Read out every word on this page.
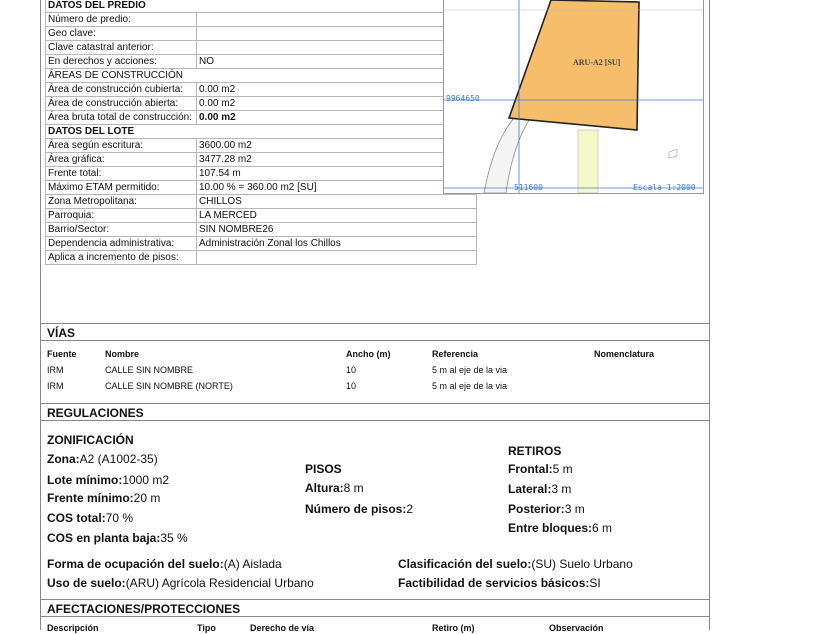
DATOS DEL PREDIO	
Número de predio:	
Geo clave:	
Clave catastral anterior:	
En derechos y acciones:	NO
ÁREAS DE CONSTRUCCIÓN	
Área de construcción cubierta:	0.00 m2
Área de construcción abierta:	0.00 m2
Área bruta total de construcción:	0.00 m2
DATOS DEL LOTE	
Área según escritura:	3600.00 m2
Área gráfica:	3477.28 m2
Frente total:	107.54 m
Máximo ETAM permitido:	10.00 % = 360.00 m2 [SU]
Zona Metropolitana:	CHILLOS
Parroquia:	LA MERCED
Barrio/Sector:	SIN NOMBRE26
Dependencia administrativa:	Administración Zonal los Chillos
Aplica a incremento de pisos:	
ARU-A2 [SU]
9964650
511600	Escala 1:2000
VÍAS
Fuente	Nombre	Ancho (m)	Referencia	Nomenclatura
IRM	CALLE SIN NOMBRE	10	5 m al eje de la via
IRM	CALLE SIN NOMBRE (NORTE)	10	5 m al eje de la via
REGULACIONES
ZONIFICACIÓN
Zona:A2 (A1002-35)
Lote mínimo:1000 m2
Frente mínimo:20 m
COS total:70 %
COS en planta baja:35 %
PISOS
Altura:8 m
Número de pisos:2
RETIROS
Frontal:5 m
Lateral:3 m
Posterior:3 m
Entre bloques:6 m
Forma de ocupación del suelo:(A) Aislada
Uso de suelo:(ARU) Agrícola Residencial Urbano
Clasificación del suelo:(SU) Suelo Urbano
Factibilidad de servicios básicos:SI
AFECTACIONES/PROTECCIONES
Descripción	Tipo	Derecho de vía	Retiro (m)	Observación
